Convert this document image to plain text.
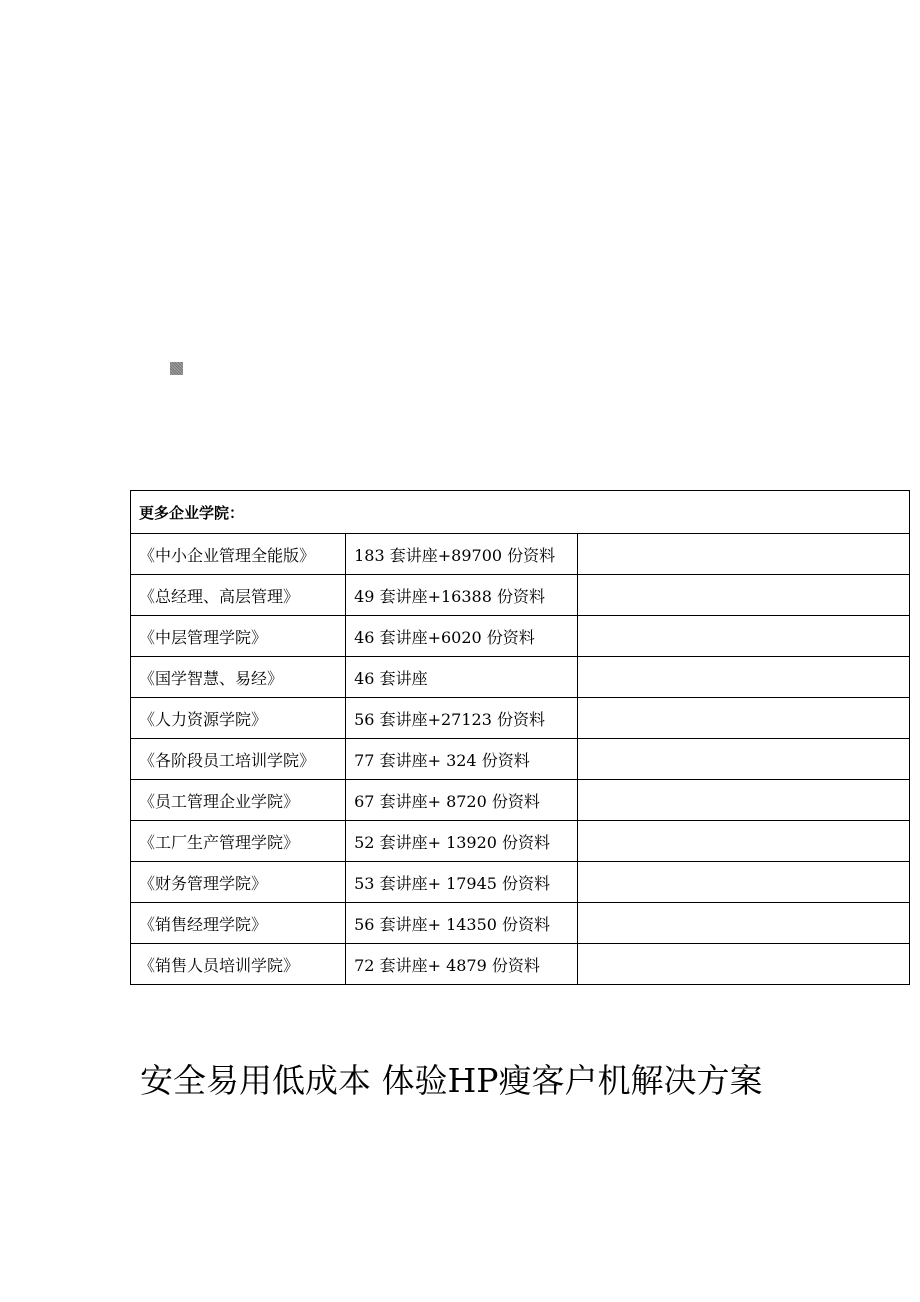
更多企业学院：		
《中小企业管理全能版》	183 套讲座+89700 份资料	
《总经理、高层管理》	49 套讲座+16388 份资料	
《中层管理学院》	46 套讲座+6020 份资料	
《国学智慧、易经》	46 套讲座	
《人力资源学院》	56 套讲座+27123 份资料	
《各阶段员工培训学院》	77 套讲座+ 324 份资料	
《员工管理企业学院》	67 套讲座+ 8720 份资料	
《工厂生产管理学院》	52 套讲座+ 13920 份资料	
《财务管理学院》	53 套讲座+ 17945 份资料	
《销售经理学院》	56 套讲座+ 14350 份资料	
《销售人员培训学院》	72 套讲座+ 4879 份资料	
安全易用低成本 体验HP瘦客户机解决方案
